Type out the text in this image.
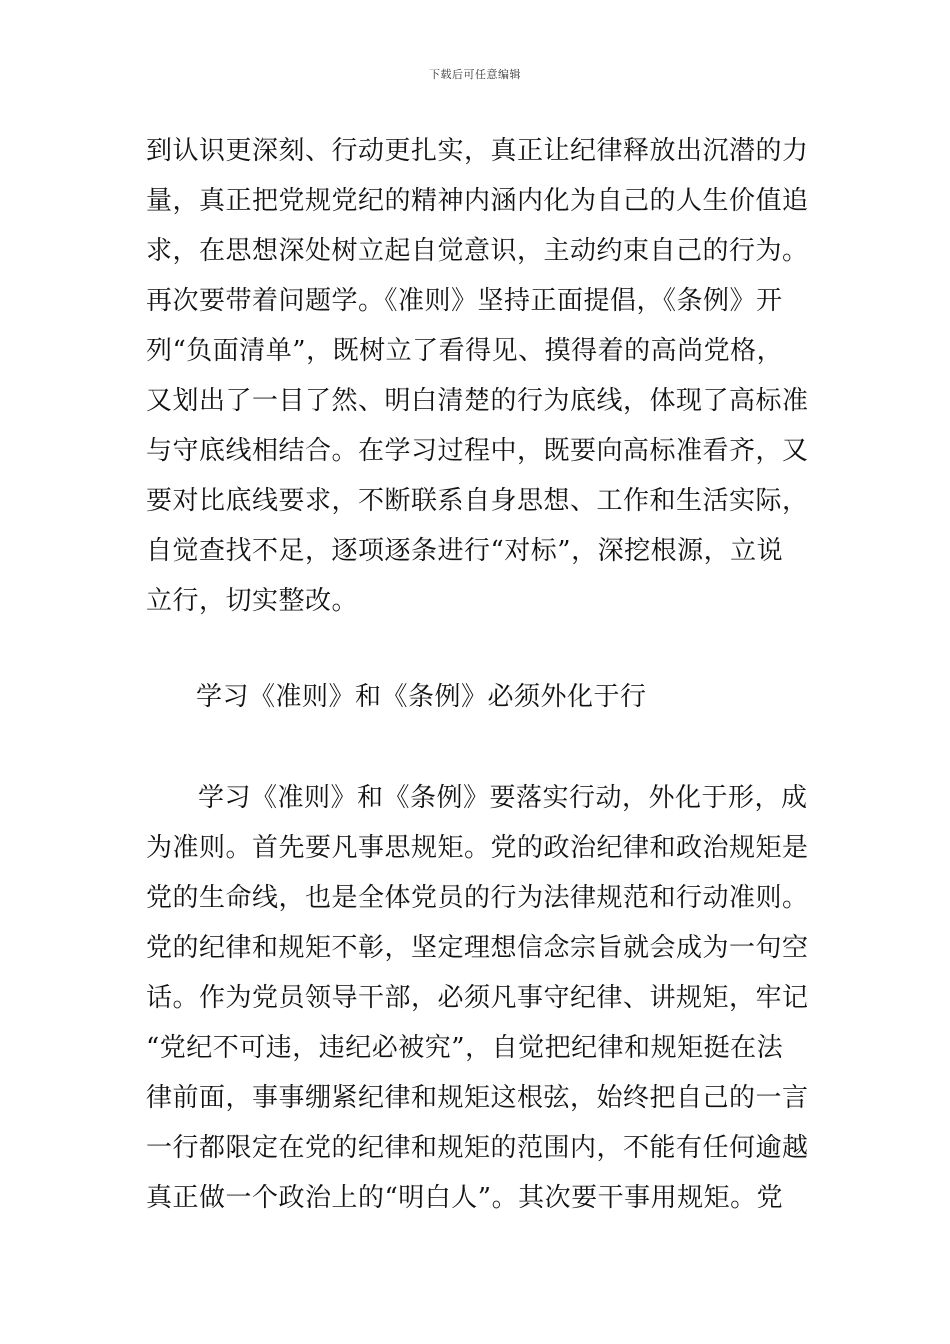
下载后可任意编辑
到认识更深刻、行动更扎实，真正让纪律释放出沉潜的力
量，真正把党规党纪的精神内涵内化为自己的人生价值追
求，在思想深处树立起自觉意识，主动约束自己的行为。
再次要带着问题学。《准则》坚持正面提倡，《条例》开
列“负面清单”，既树立了看得见、摸得着的高尚党格，
又划出了一目了然、明白清楚的行为底线，体现了高标准
与守底线相结合。在学习过程中，既要向高标准看齐，又
要对比底线要求，不断联系自身思想、工作和生活实际，
自觉查找不足，逐项逐条进行“对标”，深挖根源，立说
立行，切实整改。
学习《准则》和《条例》必须外化于行
学习《准则》和《条例》要落实行动，外化于形，成
为准则。首先要凡事思规矩。党的政治纪律和政治规矩是
党的生命线，也是全体党员的行为法律规范和行动准则。
党的纪律和规矩不彰，坚定理想信念宗旨就会成为一句空
话。作为党员领导干部，必须凡事守纪律、讲规矩，牢记
“党纪不可违，违纪必被究”，自觉把纪律和规矩挺在法
律前面，事事绷紧纪律和规矩这根弦，始终把自己的一言
一行都限定在党的纪律和规矩的范围内，不能有任何逾越
真正做一个政治上的“明白人”。其次要干事用规矩。党
